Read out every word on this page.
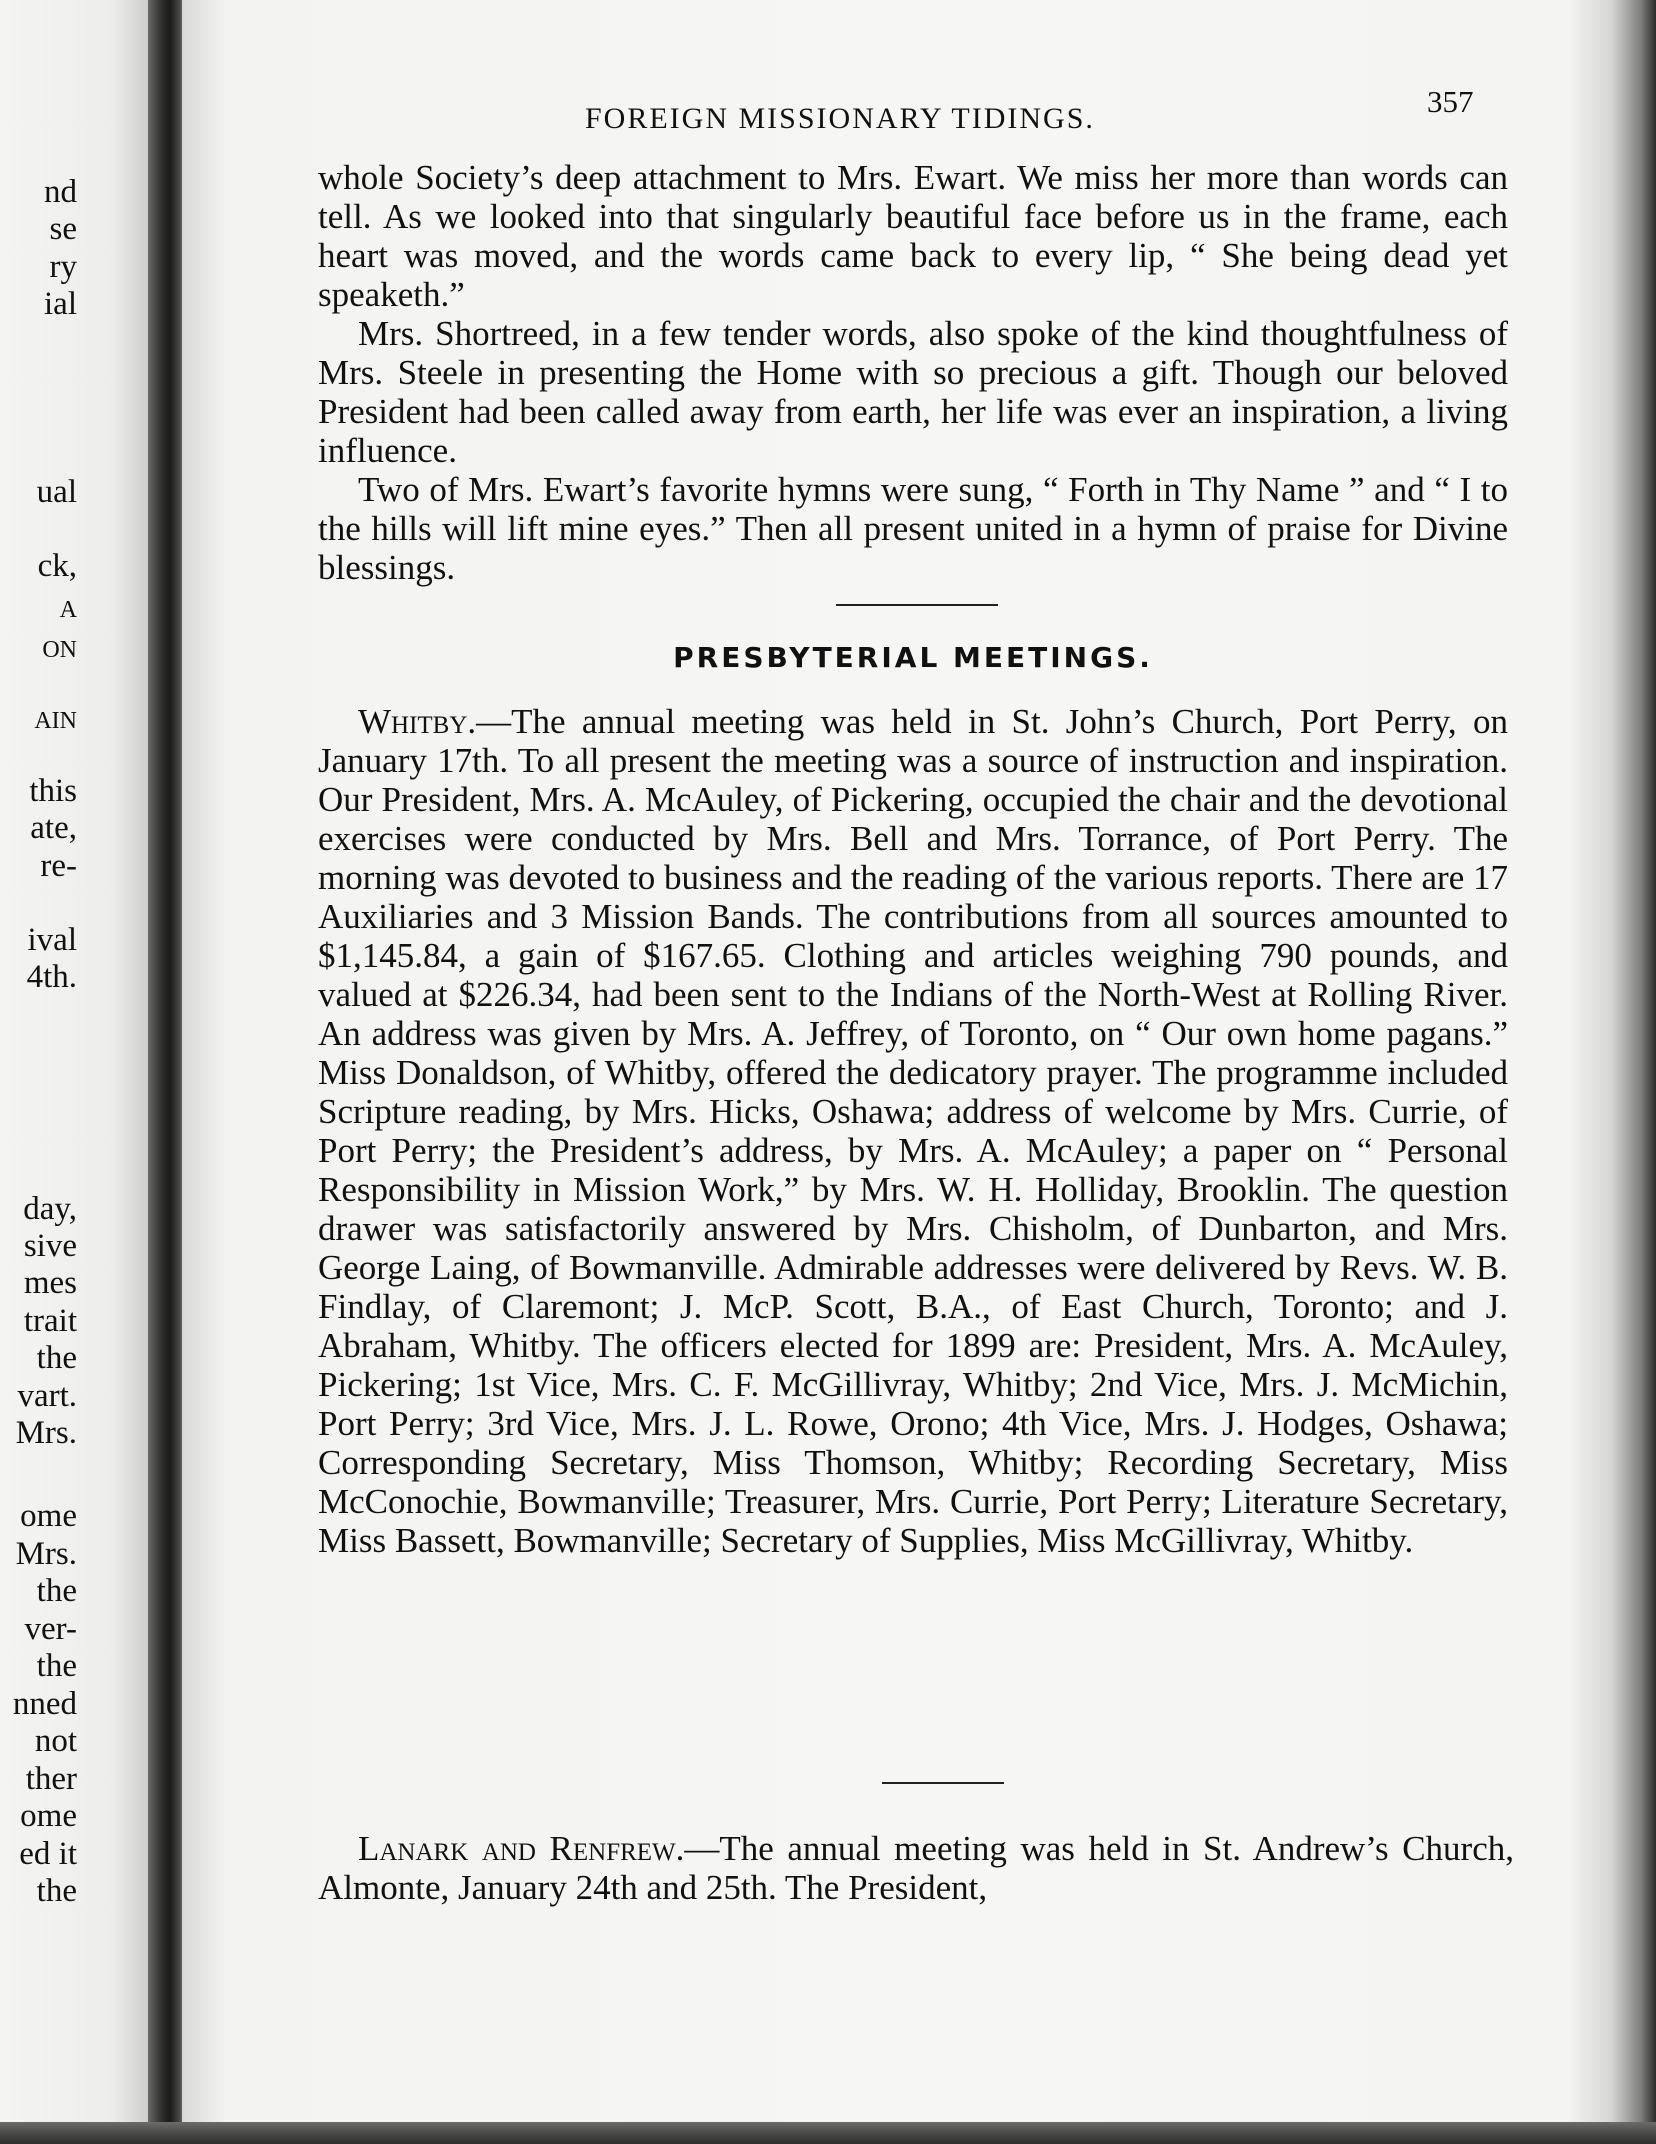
nd
se
ry
ial
ual
ck,
A
ON
AIN
this
ate,
re-
ival
4th.
day,
sive
mes
trait
the
vart.
Mrs.
ome
Mrs.
the
ver-
the
nned
not
ther
ome
ed it
the
FOREIGN MISSIONARY TIDINGS.	357

whole Society’s deep attachment to Mrs. Ewart. We miss her more than words can tell. As we looked into that singularly beautiful face before us in the frame, each heart was moved, and the words came back to every lip, “ She being dead yet speaketh.”

Mrs. Shortreed, in a few tender words, also spoke of the kind thoughtfulness of Mrs. Steele in presenting the Home with so precious a gift. Though our beloved President had been called away from earth, her life was ever an inspiration, a living influence.

Two of Mrs. Ewart’s favorite hymns were sung, “ Forth in Thy Name ” and “ I to the hills will lift mine eyes.” Then all present united in a hymn of praise for Divine blessings.

PRESBYTERIAL MEETINGS.

Whitby.—The annual meeting was held in St. John’s Church, Port Perry, on January 17th. To all present the meeting was a source of instruction and inspiration. Our President, Mrs. A. McAuley, of Pickering, occupied the chair and the devotional exercises were conducted by Mrs. Bell and Mrs. Torrance, of Port Perry. The morning was devoted to business and the reading of the various reports. There are 17 Auxiliaries and 3 Mission Bands. The contributions from all sources amounted to $1,145.84, a gain of $167.65. Clothing and articles weighing 790 pounds, and valued at $226.34, had been sent to the Indians of the North-West at Rolling River. An address was given by Mrs. A. Jeffrey, of Toronto, on “ Our own home pagans.” Miss Donaldson, of Whitby, offered the dedicatory prayer. The programme included Scripture reading, by Mrs. Hicks, Oshawa; address of welcome by Mrs. Currie, of Port Perry; the President’s address, by Mrs. A. McAuley; a paper on “ Personal Responsibility in Mission Work,” by Mrs. W. H. Holliday, Brooklin. The question drawer was satisfactorily answered by Mrs. Chisholm, of Dunbarton, and Mrs. George Laing, of Bowmanville. Admirable addresses were delivered by Revs. W. B. Findlay, of Claremont; J. McP. Scott, B.A., of East Church, Toronto; and J. Abraham, Whitby. The officers elected for 1899 are: President, Mrs. A. McAuley, Pickering; 1st Vice, Mrs. C. F. McGillivray, Whitby; 2nd Vice, Mrs. J. McMichin, Port Perry; 3rd Vice, Mrs. J. L. Rowe, Orono; 4th Vice, Mrs. J. Hodges, Oshawa; Corresponding Secretary, Miss Thomson, Whitby; Recording Secretary, Miss McConochie, Bowmanville; Treasurer, Mrs. Currie, Port Perry; Literature Secretary, Miss Bassett, Bowmanville; Secretary of Supplies, Miss McGillivray, Whitby.

Lanark and Renfrew.—The annual meeting was held in St. Andrew’s Church, Almonte, January 24th and 25th. The President,
